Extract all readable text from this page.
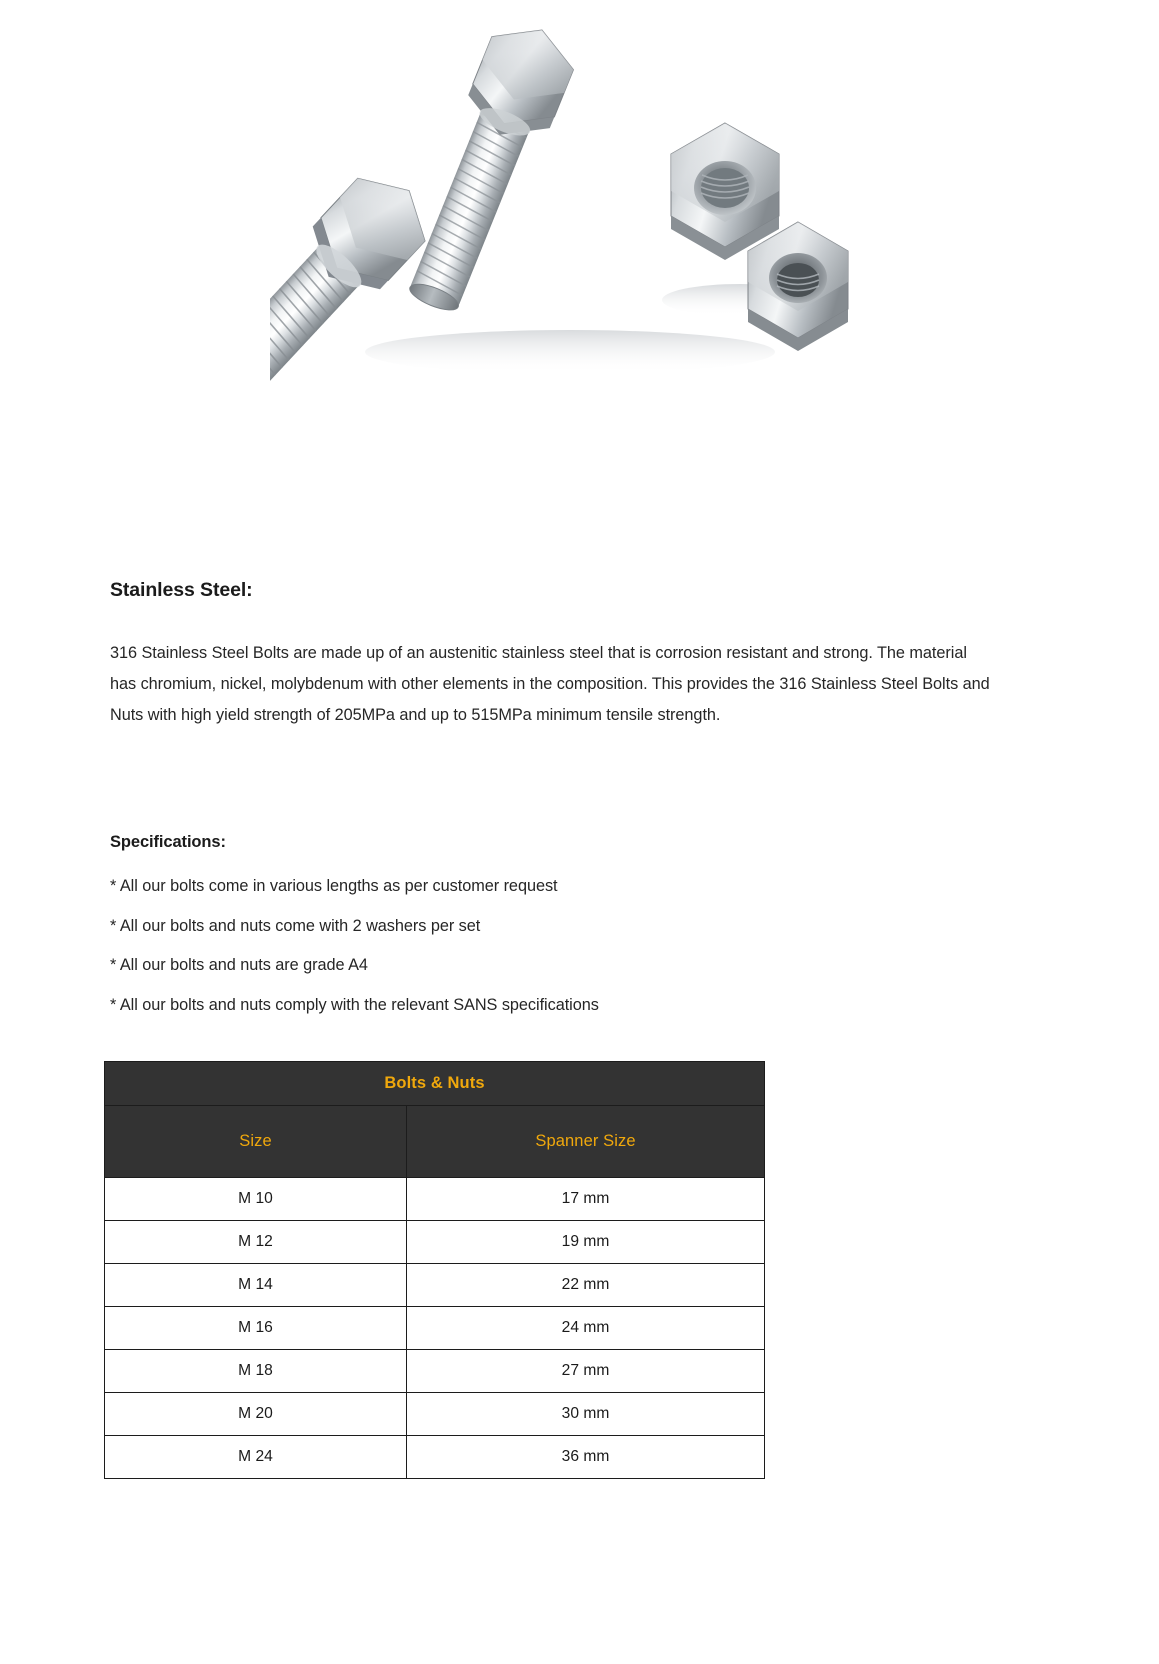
Stainless Steel:

316 Stainless Steel Bolts are made up of an austenitic stainless steel that is corrosion resistant and strong. The material has chromium, nickel, molybdenum with other elements in the composition. This provides the 316 Stainless Steel Bolts and Nuts with high yield strength of 205MPa and up to 515MPa minimum tensile strength.

Specifications:
* All our bolts come in various lengths as per customer request
* All our bolts and nuts come with 2 washers per set
* All our bolts and nuts are grade A4
* All our bolts and nuts comply with the relevant SANS specifications
Bolts & Nuts	
Size	Spanner Size
M 10	17 mm
M 12	19 mm
M 14	22 mm
M 16	24 mm
M 18	27 mm
M 20	30 mm
M 24	36 mm
